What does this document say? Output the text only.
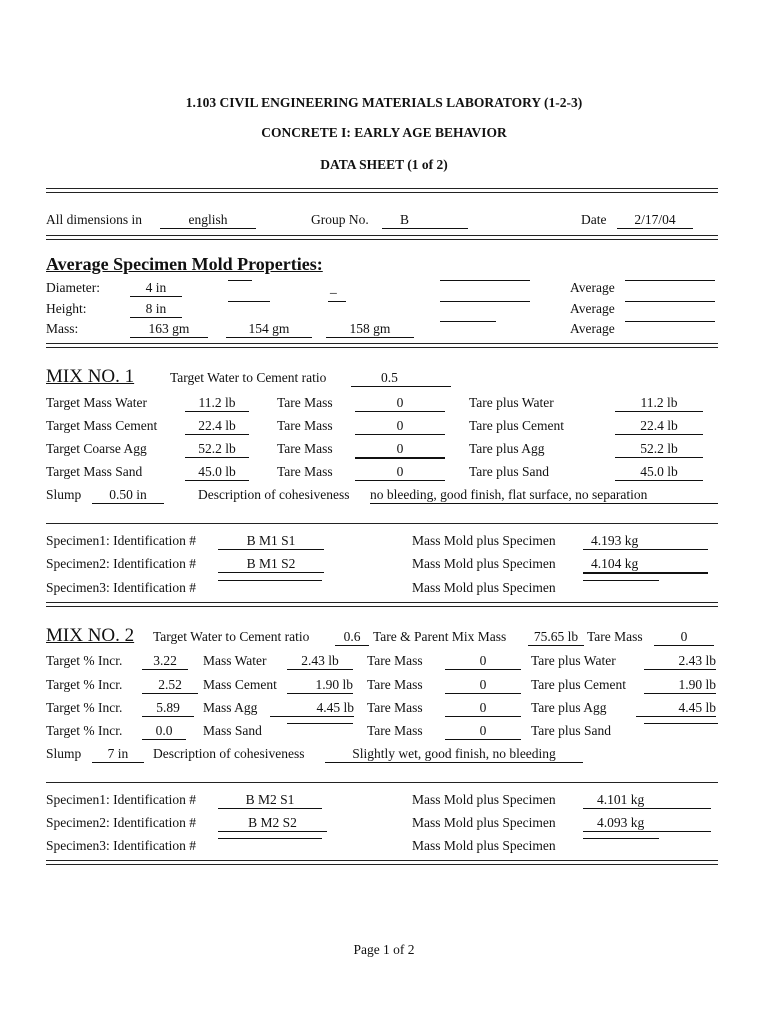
1.103 CIVIL ENGINEERING MATERIALS LABORATORY (1-2-3)
CONCRETE I: EARLY AGE BEHAVIOR
DATA SHEET (1 of 2)
All dimensions in	english	Group No.	B	Date	2/17/04
Average Specimen Mold Properties:
Diameter:	4 in	_	Average
Height:	8 in	Average
Mass:	163 gm	154 gm	158 gm	Average
MIX NO. 1	Target Water to Cement ratio	0.5
Target Mass Water	11.2 lb	Tare Mass	0	Tare plus Water	11.2 lb
Target Mass Cement	22.4 lb	Tare Mass	0	Tare plus Cement	22.4 lb
Target Coarse Agg	52.2 lb	Tare Mass	0	Tare plus Agg	52.2 lb
Target Mass Sand	45.0 lb	Tare Mass	0	Tare plus Sand	45.0 lb
Slump	0.50 in	Description of cohesiveness no bleeding, good finish, flat surface, no separation
Specimen1: Identification #	B M1 S1	Mass Mold plus Specimen	4.193 kg
Specimen2: Identification #	B M1 S2	Mass Mold plus Specimen	4.104 kg
Specimen3: Identification #	Mass Mold plus Specimen
MIX NO. 2 Target Water to Cement ratio	0.6 Tare & Parent Mix Mass	75.65 lb Tare Mass	0
Target % Incr.	3.22	Mass Water	2.43 lb	Tare Mass	0	Tare plus Water	2.43 lb
Target % Incr.	2.52	Mass Cement	1.90 lb Tare Mass	0	Tare plus Cement	1.90 lb
Target % Incr.	5.89	Mass Agg	4.45 lb Tare Mass	0	Tare plus Agg	4.45 lb
Target % Incr.	0.0	Mass Sand	Tare Mass	0	Tare plus Sand
Slump	7 in	Description of cohesiveness	Slightly wet, good finish, no bleeding
Specimen1: Identification #	B M2 S1	Mass Mold plus Specimen	4.101 kg
Specimen2: Identification #	B M2 S2	Mass Mold plus Specimen	4.093 kg
Specimen3: Identification #	Mass Mold plus Specimen
Page 1 of 2
